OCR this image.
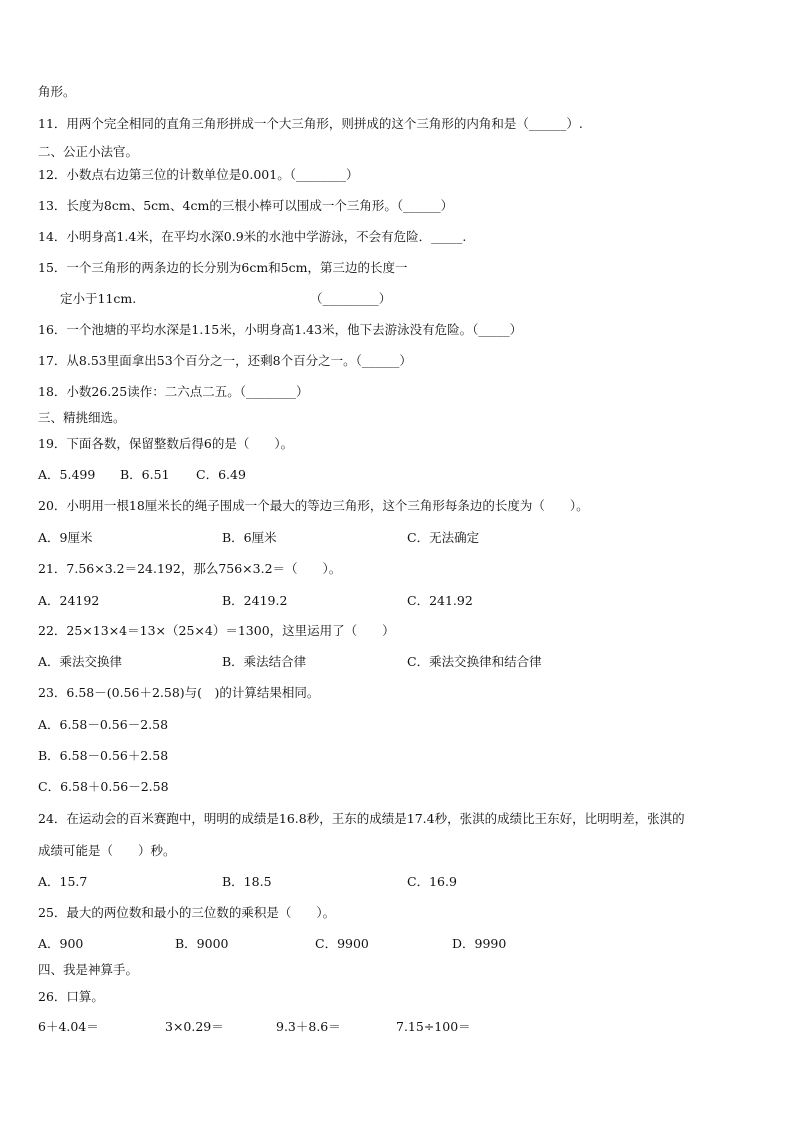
角形。
11．用两个完全相同的直角三角形拼成一个大三角形，则拼成的这个三角形的内角和是（______）.
二、公正小法官。
12．小数点右边第三位的计数单位是0.001。（________）
13．长度为8cm、5cm、4cm的三根小棒可以围成一个三角形。（______）
14．小明身高1.4米，在平均水深0.9米的水池中学游泳，不会有危险．_____.
15．一个三角形的两条边的长分别为6cm和5cm，第三边的长度一
定小于11cm.	（_________）
16．一个池塘的平均水深是1.15米，小明身高1.43米，他下去游泳没有危险。（_____）
17．从8.53里面拿出53个百分之一，还剩8个百分之一。（______）
18．小数26.25读作：二六点二五。（________）
三、精挑细选。
19．下面各数，保留整数后得6的是（　　）。
A．5.499 B．6.51 C．6.49
20．小明用一根18厘米长的绳子围成一个最大的等边三角形，这个三角形每条边的长度为（　　）。
A．9厘米	B．6厘米	C．无法确定
21．7.56×3.2＝24.192，那么756×3.2＝（　　）。
A．24192	B．2419.2	C．241.92
22．25×13×4＝13×（25×4）＝1300，这里运用了（　　）
A．乘法交换律	B．乘法结合律	C．乘法交换律和结合律
23．6.58－(0.56＋2.58)与(　)的计算结果相同。
A．6.58－0.56－2.58
B．6.58－0.56＋2.58
C．6.58＋0.56－2.58
24．在运动会的百米赛跑中，明明的成绩是16.8秒，王东的成绩是17.4秒，张淇的成绩比王东好，比明明差，张淇的
成绩可能是（　　）秒。
A．15.7	B．18.5	C．16.9
25．最大的两位数和最小的三位数的乘积是（　　）。
A．900	B．9000	C．9900	D．9990
四、我是神算手。
26．口算。
6＋4.04＝	3×0.29＝	9.3＋8.6＝	7.15÷100＝
